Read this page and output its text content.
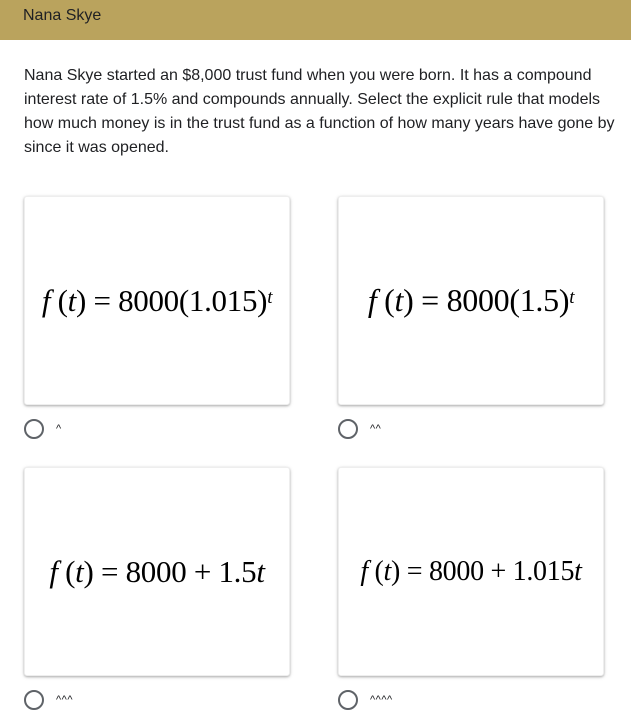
Nana Skye
Nana Skye started an $8,000 trust fund when you were born. It has a compound interest rate of 1.5% and compounds annually. Select the explicit rule that models how much money is in the trust fund as a function of how many years have gone by since it was opened.
f ( t ) =
$8000(1.015)^t$
^
f ( t ) =
$8000(1.5)^t$
^^
f ( t ) =
8000 + 1.5 t
^^^
f ( t ) =
8000 + 1.015 t
^^^^
